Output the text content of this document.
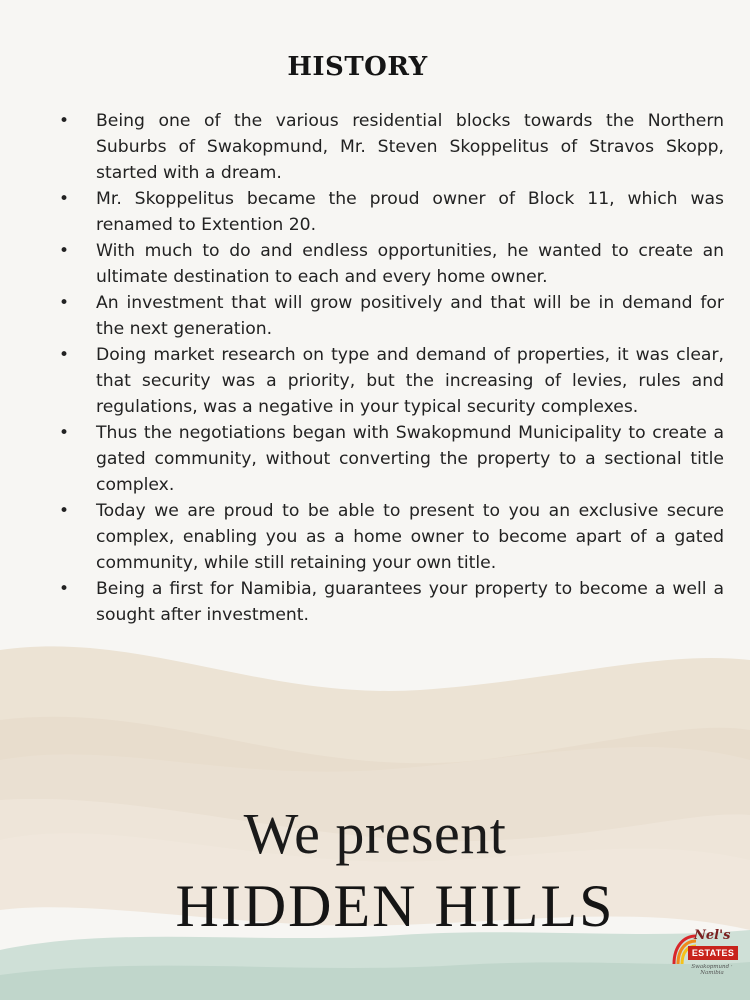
HISTORY
• Being one of the various residential blocks towards the Northern Suburbs of Swakopmund, Mr. Steven Skoppelitus of Stravos Skopp, started with a dream.
• Mr. Skoppelitus became the proud owner of Block 11, which was renamed to Extention 20.
• With much to do and endless opportunities, he wanted to create an ultimate destination to each and every home owner.
• An investment that will grow positively and that will be in demand for the next generation.
• Doing market research on type and demand of properties, it was clear, that security was a priority, but the increasing of levies, rules and regulations, was a negative in your typical security complexes.
• Thus the negotiations began with Swakopmund Municipality to create a gated community, without converting the property to a sectional title complex.
• Today we are proud to be able to present to you an exclusive secure complex, enabling you as a home owner to become apart of a gated community, while still retaining your own title.
• Being a first for Namibia, guarantees your property to become a well a sought after investment.
We present
HIDDEN HILLS	Nel's
ESTATES
Swakopmund · Namibia
